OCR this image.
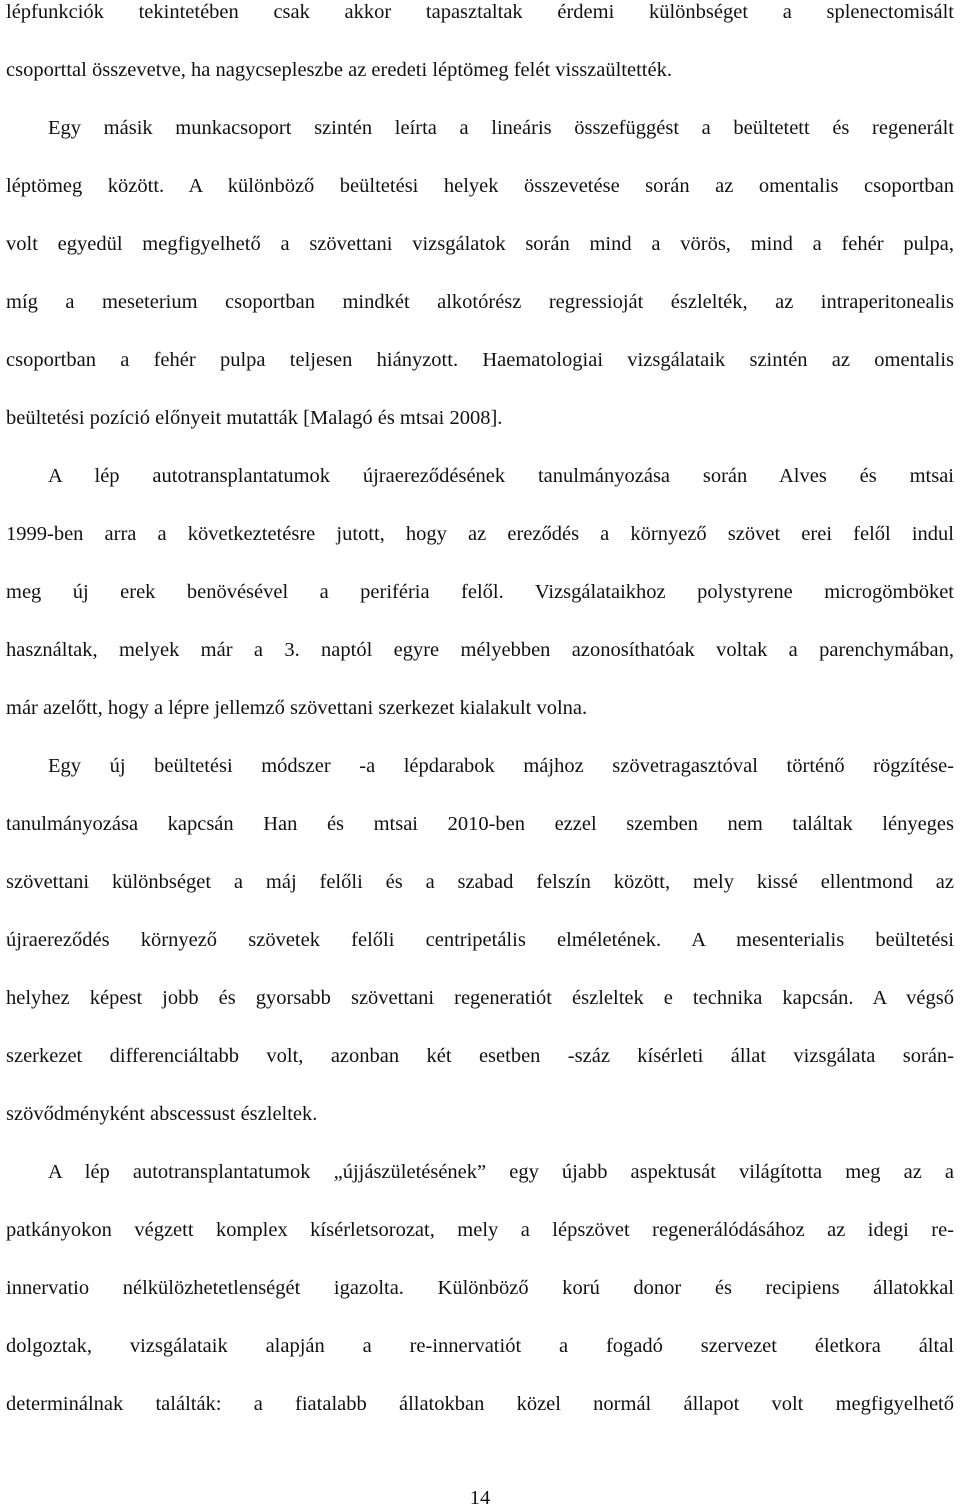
lépfunkciók tekintetében csak akkor tapasztaltak érdemi különbséget a splenectomisált
csoporttal összevetve, ha nagycsepleszbe az eredeti léptömeg felét visszaültették.
Egy másik munkacsoport szintén leírta a lineáris összefüggést a beültetett és regenerált
léptömeg között. A különböző beültetési helyek összevetése során az omentalis csoportban
volt egyedül megfigyelhető a szövettani vizsgálatok során mind a vörös, mind a fehér pulpa,
míg a meseterium csoportban mindkét alkotórész regressioját észlelték, az intraperitonealis
csoportban a fehér pulpa teljesen hiányzott. Haematologiai vizsgálataik szintén az omentalis
beültetési pozíció előnyeit mutatták [Malagó és mtsai 2008].
A lép autotransplantatumok újraereződésének tanulmányozása során Alves és mtsai
1999-ben arra a következtetésre jutott, hogy az ereződés a környező szövet erei felől indul
meg új erek benövésével a periféria felől. Vizsgálataikhoz polystyrene microgömböket
használtak, melyek már a 3. naptól egyre mélyebben azonosíthatóak voltak a parenchymában,
már azelőtt, hogy a lépre jellemző szövettani szerkezet kialakult volna.
Egy új beültetési módszer -a lépdarabok májhoz szövetragasztóval történő rögzítése-
tanulmányozása kapcsán Han és mtsai 2010-ben ezzel szemben nem találtak lényeges
szövettani különbséget a máj felőli és a szabad felszín között, mely kissé ellentmond az
újraereződés környező szövetek felőli centripetális elméletének. A mesenterialis beültetési
helyhez képest jobb és gyorsabb szövettani regeneratiót észleltek e technika kapcsán. A végső
szerkezet differenciáltabb volt, azonban két esetben -száz kísérleti állat vizsgálata során-
szövődményként abscessust észleltek.
A lép autotransplantatumok „újjászületésének” egy újabb aspektusát világította meg az a
patkányokon végzett komplex kísérletsorozat, mely a lépszövet regenerálódásához az idegi re-
innervatio nélkülözhetetlenségét igazolta. Különböző korú donor és recipiens állatokkal
dolgoztak, vizsgálataik alapján a re-innervatiót a fogadó szervezet életkora által
determinálnak találták: a fiatalabb állatokban közel normál állapot volt megfigyelhető
14
